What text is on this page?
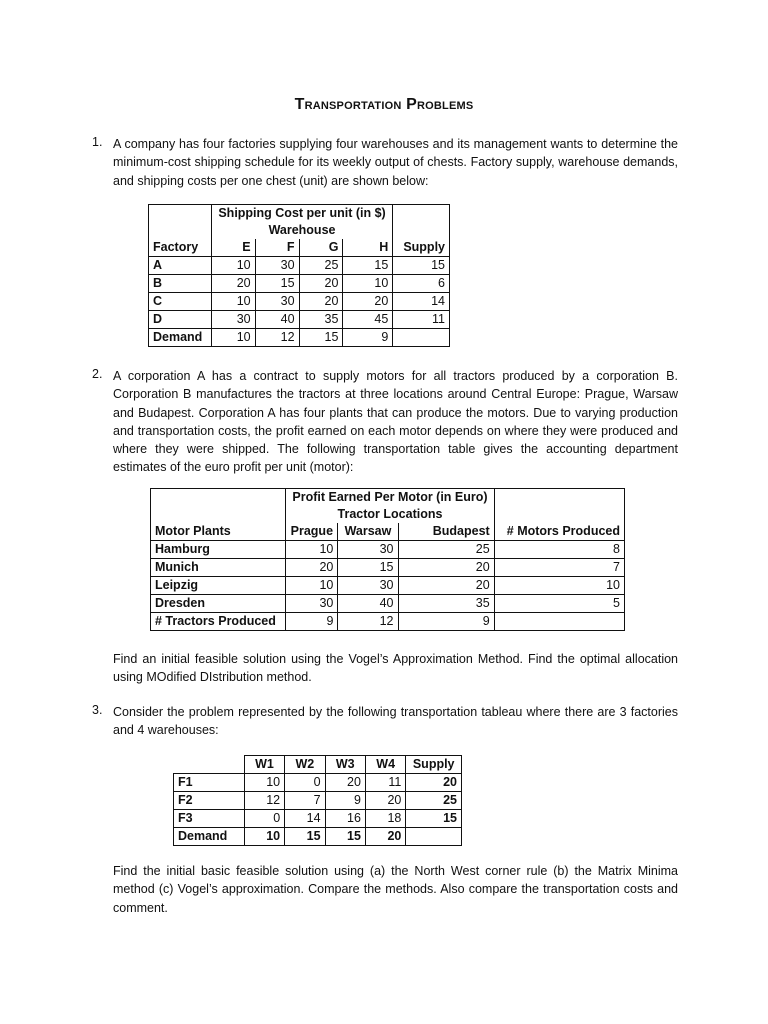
Transportation Problems
1. A company has four factories supplying four warehouses and its management wants to determine the minimum-cost shipping schedule for its weekly output of chests. Factory supply, warehouse demands, and shipping costs per one chest (unit) are shown below:
	Shipping Cost per unit (in $)				
	Warehouse				
Factory	E	F	G	H	Supply
A	10	30	25	15	15
B	20	15	20	10	6
C	10	30	20	20	14
D	30	40	35	45	11
Demand	10	12	15	9	
2. A corporation A has a contract to supply motors for all tractors produced by a corporation B. Corporation B manufactures the tractors at three locations around Central Europe: Prague, Warsaw and Budapest. Corporation A has four plants that can produce the motors. Due to varying production and transportation costs, the profit earned on each motor depends on where they were produced and where they were shipped. The following transportation table gives the accounting department estimates of the euro profit per unit (motor):
	Profit Earned Per Motor (in Euro)			
	Tractor Locations			
Motor Plants	Prague	Warsaw	Budapest	# Motors Produced
Hamburg	10	30	25	8
Munich	20	15	20	7
Leipzig	10	30	20	10
Dresden	30	40	35	5
# Tractors Produced	9	12	9	
Find an initial feasible solution using the Vogel’s Approximation Method. Find the optimal allocation using MOdified DIstribution method.
3. Consider the problem represented by the following transportation tableau where there are 3 factories and 4 warehouses:
	W1	W2	W3	W4	Supply
F1	10	0	20	11	20
F2	12	7	9	20	25
F3	0	14	16	18	15
Demand	10	15	15	20	
Find the initial basic feasible solution using (a) the North West corner rule (b) the Matrix Minima method (c) Vogel’s approximation. Compare the methods. Also compare the transportation costs and comment.
